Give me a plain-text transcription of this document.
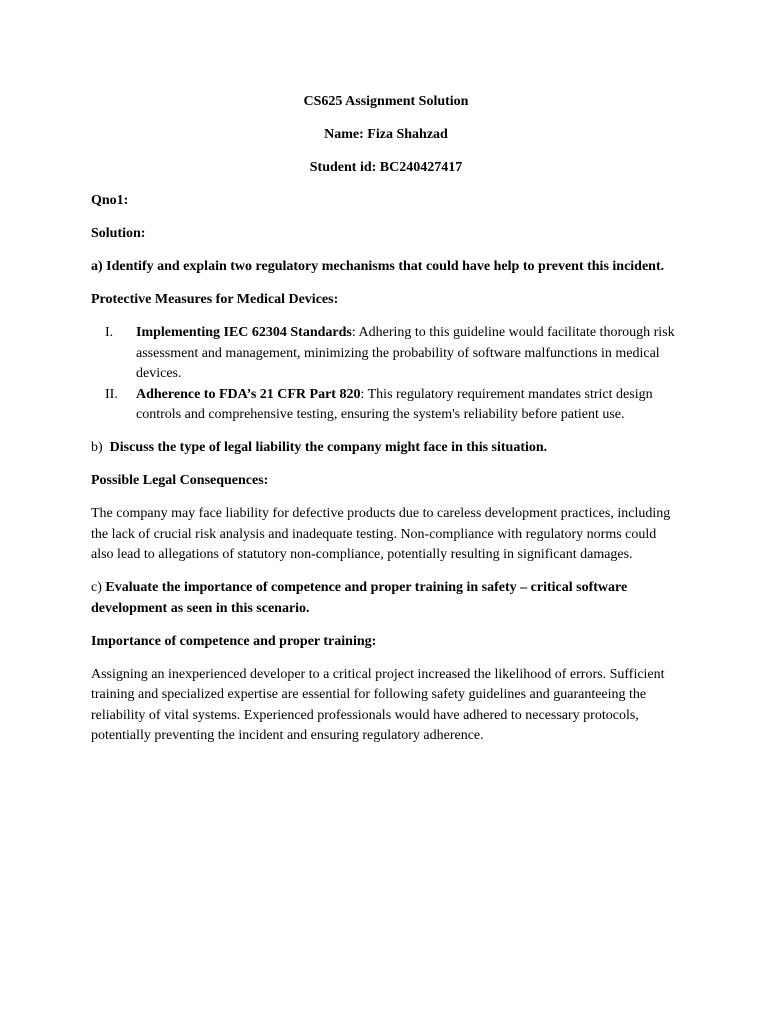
CS625 Assignment Solution

Name: Fiza Shahzad

Student id: BC240427417

Qno1:

Solution:

a) Identify and explain two regulatory mechanisms that could have help to prevent this incident.

Protective Measures for Medical Devices:

I.	Implementing IEC 62304 Standards: Adhering to this guideline would facilitate thorough risk assessment and management, minimizing the probability of software malfunctions in medical devices.
II.	Adherence to FDA’s 21 CFR Part 820: This regulatory requirement mandates strict design controls and comprehensive testing, ensuring the system's reliability before patient use.

b) Discuss the type of legal liability the company might face in this situation.

Possible Legal Consequences:

The company may face liability for defective products due to careless development practices, including the lack of crucial risk analysis and inadequate testing. Non-compliance with regulatory norms could also lead to allegations of statutory non-compliance, potentially resulting in significant damages.

c) Evaluate the importance of competence and proper training in safety – critical software development as seen in this scenario.

Importance of competence and proper training:

Assigning an inexperienced developer to a critical project increased the likelihood of errors. Sufficient training and specialized expertise are essential for following safety guidelines and guaranteeing the reliability of vital systems. Experienced professionals would have adhered to necessary protocols, potentially preventing the incident and ensuring regulatory adherence.
